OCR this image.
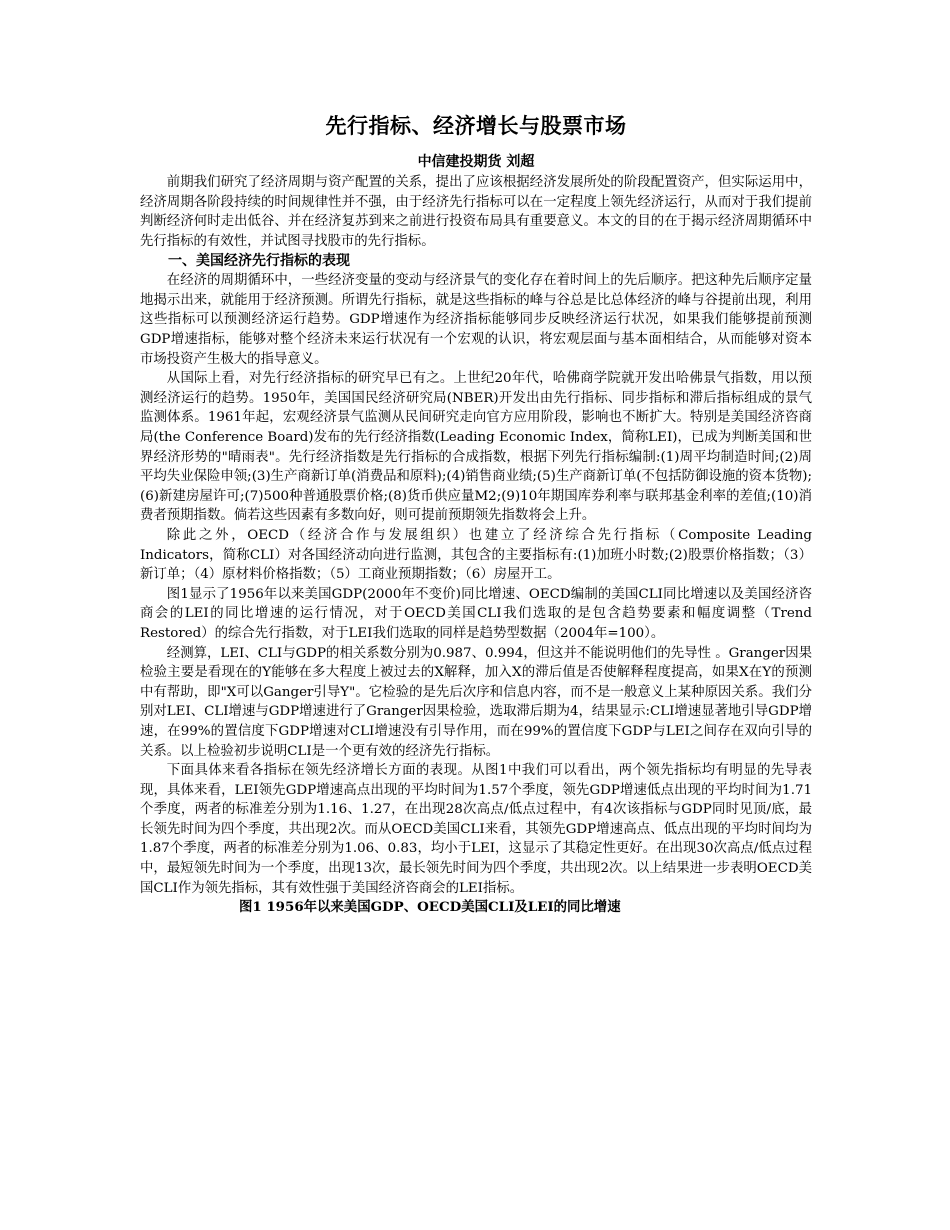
先行指标、经济增长与股票市场
中信建投期货 刘超

前期我们研究了经济周期与资产配置的关系，提出了应该根据经济发展所处的阶段配置资产，但实际运用中，经济周期各阶段持续的时间规律性并不强，由于经济先行指标可以在一定程度上领先经济运行，从而对于我们提前判断经济何时走出低谷、并在经济复苏到来之前进行投资布局具有重要意义。本文的目的在于揭示经济周期循环中先行指标的有效性，并试图寻找股市的先行指标。

一、美国经济先行指标的表现

在经济的周期循环中，一些经济变量的变动与经济景气的变化存在着时间上的先后顺序。把这种先后顺序定量地揭示出来，就能用于经济预测。所谓先行指标，就是这些指标的峰与谷总是比总体经济的峰与谷提前出现，利用这些指标可以预测经济运行趋势。GDP增速作为经济指标能够同步反映经济运行状况，如果我们能够提前预测GDP增速指标，能够对整个经济未来运行状况有一个宏观的认识，将宏观层面与基本面相结合，从而能够对资本市场投资产生极大的指导意义。

从国际上看，对先行经济指标的研究早已有之。上世纪20年代，哈佛商学院就开发出哈佛景气指数，用以预测经济运行的趋势。1950年，美国国民经济研究局(NBER)开发出由先行指标、同步指标和滞后指标组成的景气监测体系。1961年起，宏观经济景气监测从民间研究走向官方应用阶段，影响也不断扩大。特别是美国经济咨商局(the Conference Board)发布的先行经济指数(Leading Economic Index，简称LEI)，已成为判断美国和世界经济形势的"晴雨表"。先行经济指数是先行指标的合成指数，根据下列先行指标编制:(1)周平均制造时间;(2)周平均失业保险申领;(3)生产商新订单(消费品和原料);(4)销售商业绩;(5)生产商新订单(不包括防御设施的资本货物);(6)新建房屋许可;(7)500种普通股票价格;(8)货币供应量M2;(9)10年期国库券利率与联邦基金利率的差值;(10)消费者预期指数。倘若这些因素有多数向好，则可提前预期领先指数将会上升。

除此之外，OECD（经济合作与发展组织）也建立了经济综合先行指标（Composite Leading Indicators，简称CLI）对各国经济动向进行监测，其包含的主要指标有:(1)加班小时数;(2)股票价格指数；（3）新订单；（4）原材料价格指数；（5）工商业预期指数；（6）房屋开工。

图1显示了1956年以来美国GDP(2000年不变价)同比增速、OECD编制的美国CLI同比增速以及美国经济咨商会的LEI的同比增速的运行情况，对于OECD美国CLI我们选取的是包含趋势要素和幅度调整（Trend Restored）的综合先行指数，对于LEI我们选取的同样是趋势型数据（2004年=100）。

经测算，LEI、CLI与GDP的相关系数分别为0.987、0.994，但这并不能说明他们的先导性 。Granger因果检验主要是看现在的Y能够在多大程度上被过去的X解释，加入X的滞后值是否使解释程度提高，如果X在Y的预测中有帮助，即"X可以Ganger引导Y"。它检验的是先后次序和信息内容，而不是一般意义上某种原因关系。我们分别对LEI、CLI增速与GDP增速进行了Granger因果检验，选取滞后期为4，结果显示:CLI增速显著地引导GDP增速，在99%的置信度下GDP增速对CLI增速没有引导作用，而在99%的置信度下GDP与LEI之间存在双向引导的关系。以上检验初步说明CLI是一个更有效的经济先行指标。

下面具体来看各指标在领先经济增长方面的表现。从图1中我们可以看出，两个领先指标均有明显的先导表现，具体来看，LEI领先GDP增速高点出现的平均时间为1.57个季度，领先GDP增速低点出现的平均时间为1.71个季度，两者的标准差分别为1.16、1.27，在出现28次高点/低点过程中，有4次该指标与GDP同时见顶/底，最长领先时间为四个季度，共出现2次。而从OECD美国CLI来看，其领先GDP增速高点、低点出现的平均时间均为1.87个季度，两者的标准差分别为1.06、0.83，均小于LEI，这显示了其稳定性更好。在出现30次高点/低点过程中，最短领先时间为一个季度，出现13次，最长领先时间为四个季度，共出现2次。以上结果进一步表明OECD美国CLI作为领先指标，其有效性强于美国经济咨商会的LEI指标。

图1 1956年以来美国GDP、OECD美国CLI及LEI的同比增速
